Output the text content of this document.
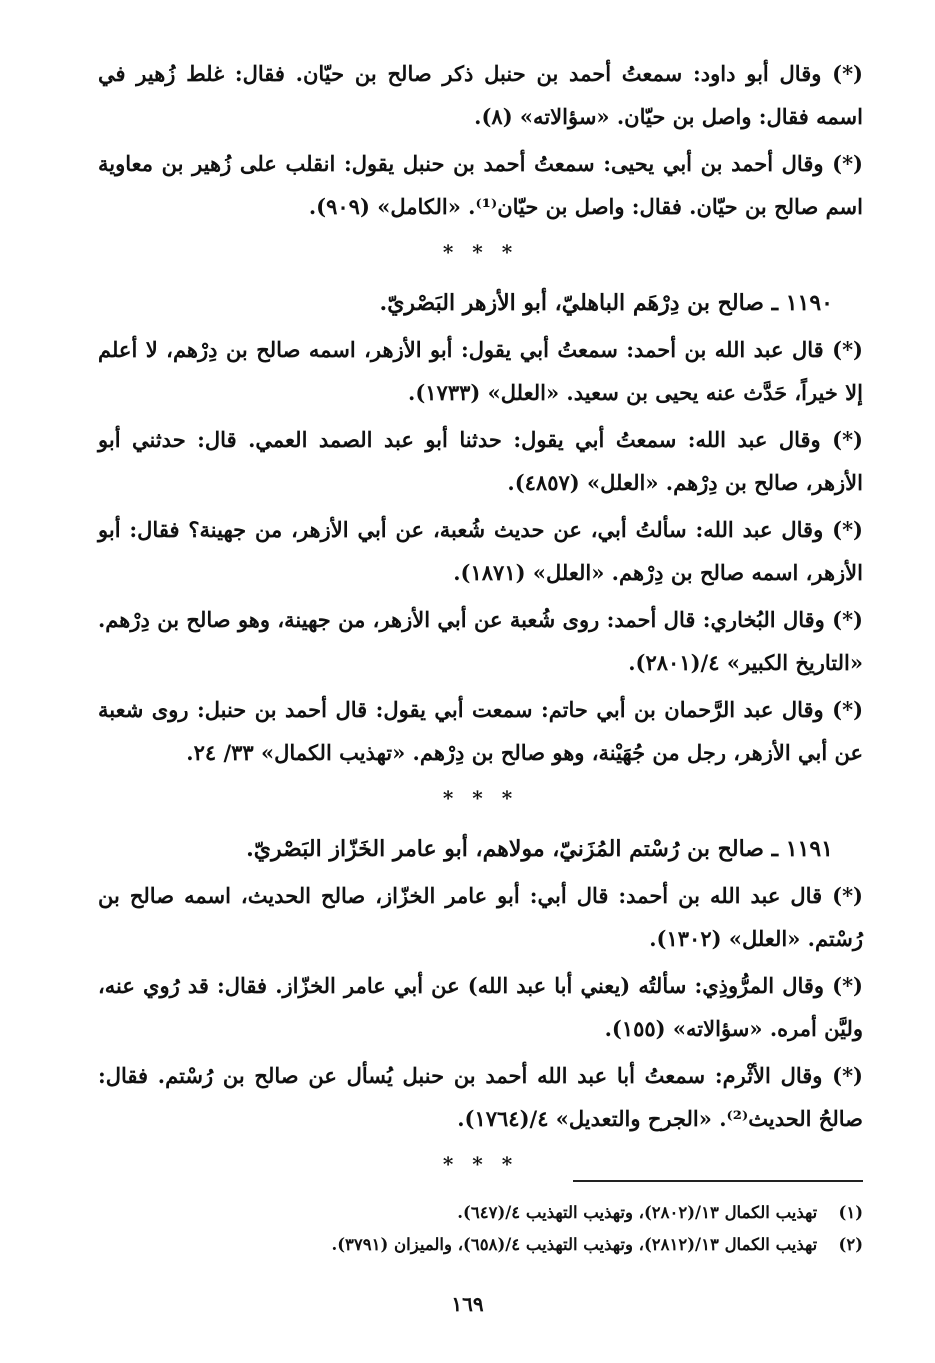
(*) وقال أبو داود: سمعتُ أحمد بن حنبل ذكر صالح بن حيّان. فقال: غلط زُهير في اسمه فقال: واصل بن حيّان. «سؤالاته» (٨).

(*) وقال أحمد بن أبي يحيى: سمعتُ أحمد بن حنبل يقول: انقلب على زُهير بن معاوية اسم صالح بن حيّان. فقال: واصل بن حيّان⁽¹⁾. «الكامل» (٩٠٩).

* * *
١١٩٠ ـ صالح بن دِرْهَم الباهليّ، أبو الأزهر البَصْريّ.

(*) قال عبد الله بن أحمد: سمعتُ أبي يقول: أبو الأزهر، اسمه صالح بن دِرْهم، لا أعلم إلا خيراً، حَدَّث عنه يحيى بن سعيد. «العلل» (١٧٣٣).

(*) وقال عبد الله: سمعتُ أبي يقول: حدثنا أبو عبد الصمد العمي. قال: حدثني أبو الأزهر، صالح بن دِرْهم. «العلل» (٤٨٥٧).

(*) وقال عبد الله: سألتُ أبي، عن حديث شُعبة، عن أبي الأزهر، من جهينة؟ فقال: أبو الأزهر، اسمه صالح بن دِرْهم. «العلل» (١٨٧١).

(*) وقال البُخاري: قال أحمد: روى شُعبة عن أبي الأزهر، من جهينة، وهو صالح بن دِرْهم. «التاريخ الكبير» ٤/(٢٨٠١).

(*) وقال عبد الرَّحمان بن أبي حاتم: سمعت أبي يقول: قال أحمد بن حنبل: روى شعبة عن أبي الأزهر، رجل من جُهَيْنة، وهو صالح بن دِرْهم. «تهذيب الكمال» ٣٣/ ٢٤.

* * *
١١٩١ ـ صالح بن رُسْتم المُزَنيّ، مولاهم، أبو عامر الخَزّاز البَصْريّ.

(*) قال عبد الله بن أحمد: قال أبي: أبو عامر الخزّاز، صالح الحديث، اسمه صالح بن رُسْتم. «العلل» (١٣٠٢).

(*) وقال المرُّوذِي: سألتُه (يعني أبا عبد الله) عن أبي عامر الخزّاز. فقال: قد رُوي عنه، وليَّن أمره. «سؤالاته» (١٥٥).

(*) وقال الأثْرم: سمعتُ أبا عبد الله أحمد بن حنبل يُسأل عن صالح بن رُسْتم. فقال: صالحُ الحديث⁽²⁾. «الجرح والتعديل» ٤/(١٧٦٤).

* * *
(١) تهذيب الكمال ١٣/(٢٨٠٢)، وتهذيب التهذيب ٤/(٦٤٧).
(٢) تهذيب الكمال ١٣/(٢٨١٢)، وتهذيب التهذيب ٤/(٦٥٨)، والميزان (٣٧٩١).
١٦٩
